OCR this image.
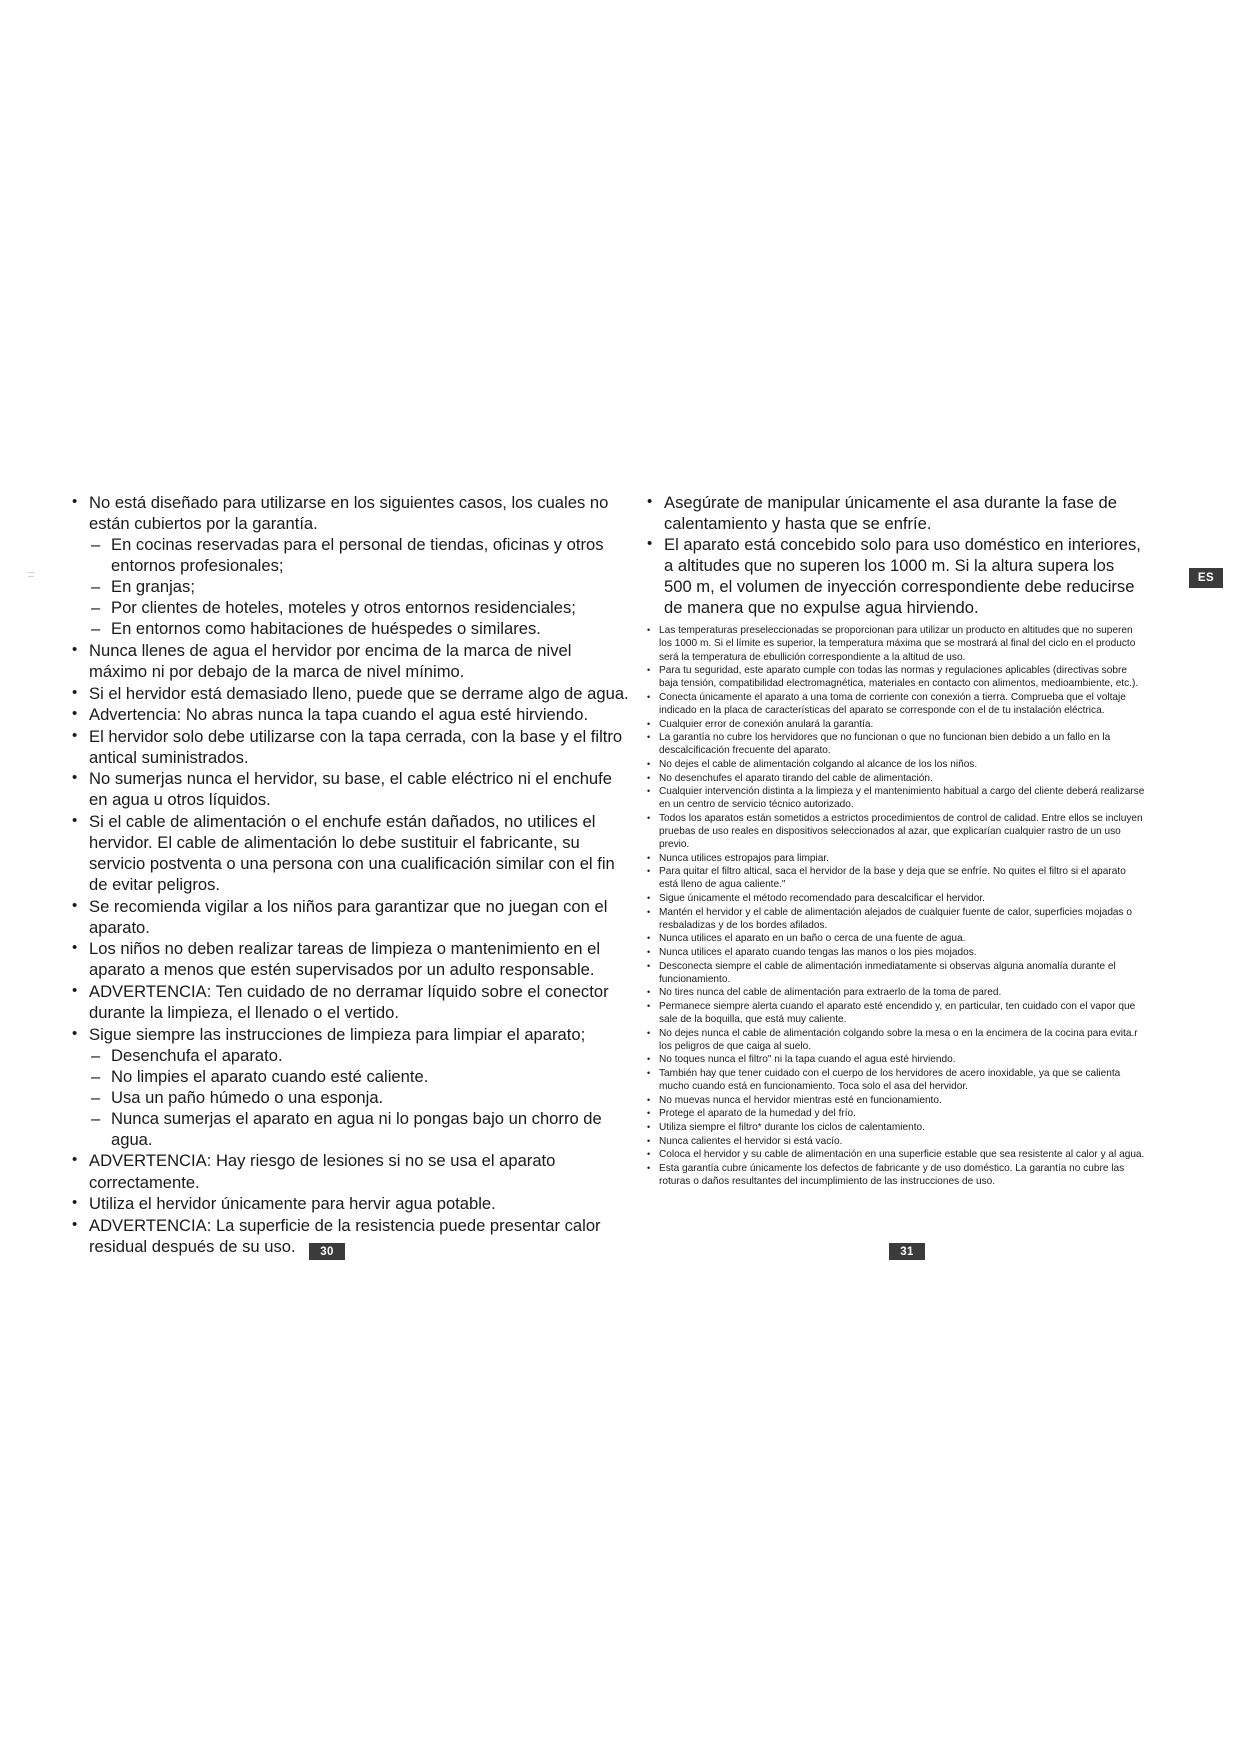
ES
• No está diseñado para utilizarse en los siguientes casos, los cuales no están cubiertos por la garantía.
– En cocinas reservadas para el personal de tiendas, oficinas y otros entornos profesionales;
– En granjas;
– Por clientes de hoteles, moteles y otros entornos residenciales;
– En entornos como habitaciones de huéspedes o similares.
• Nunca llenes de agua el hervidor por encima de la marca de nivel máximo ni por debajo de la marca de nivel mínimo.
• Si el hervidor está demasiado lleno, puede que se derrame algo de agua.
• Advertencia: No abras nunca la tapa cuando el agua esté hirviendo.
• El hervidor solo debe utilizarse con la tapa cerrada, con la base y el filtro antical suministrados.
• No sumerjas nunca el hervidor, su base, el cable eléctrico ni el enchufe en agua u otros líquidos.
• Si el cable de alimentación o el enchufe están dañados, no utilices el hervidor. El cable de alimentación lo debe sustituir el fabricante, su servicio postventa o una persona con una cualificación similar con el fin de evitar peligros.
• Se recomienda vigilar a los niños para garantizar que no juegan con el aparato.
• Los niños no deben realizar tareas de limpieza o mantenimiento en el aparato a menos que estén supervisados por un adulto responsable.
• ADVERTENCIA: Ten cuidado de no derramar líquido sobre el conector durante la limpieza, el llenado o el vertido.
• Sigue siempre las instrucciones de limpieza para limpiar el aparato;
– Desenchufa el aparato.
– No limpies el aparato cuando esté caliente.
– Usa un paño húmedo o una esponja.
– Nunca sumerjas el aparato en agua ni lo pongas bajo un chorro de agua.
• ADVERTENCIA: Hay riesgo de lesiones si no se usa el aparato correctamente.
• Utiliza el hervidor únicamente para hervir agua potable.
• ADVERTENCIA: La superficie de la resistencia puede presentar calor residual después de su uso.
• Asegúrate de manipular únicamente el asa durante la fase de calentamiento y hasta que se enfríe.
• El aparato está concebido solo para uso doméstico en interiores, a altitudes que no superen los 1000 m. Si la altura supera los 500 m, el volumen de inyección correspondiente debe reducirse de manera que no expulse agua hirviendo.
• Las temperaturas preseleccionadas se proporcionan para utilizar un producto en altitudes que no superen los 1000 m. Si el límite es superior, la temperatura máxima que se mostrará al final del ciclo en el producto será la temperatura de ebullición correspondiente a la altitud de uso.
• Para tu seguridad, este aparato cumple con todas las normas y regulaciones aplicables (directivas sobre baja tensión, compatibilidad electromagnética, materiales en contacto con alimentos, medioambiente, etc.).
• Conecta únicamente el aparato a una toma de corriente con conexión a tierra. Comprueba que el voltaje indicado en la placa de características del aparato se corresponde con el de tu instalación eléctrica.
• Cualquier error de conexión anulará la garantía.
• La garantía no cubre los hervidores que no funcionan o que no funcionan bien debido a un fallo en la descalcificación frecuente del aparato.
• No dejes el cable de alimentación colgando al alcance de los los niños.
• No desenchufes el aparato tirando del cable de alimentación.
• Cualquier intervención distinta a la limpieza y el mantenimiento habitual a cargo del cliente deberá realizarse en un centro de servicio técnico autorizado.
• Todos los aparatos están sometidos a estrictos procedimientos de control de calidad. Entre ellos se incluyen pruebas de uso reales en dispositivos seleccionados al azar, que explicarían cualquier rastro de un uso previo.
• Nunca utilices estropajos para limpiar.
• Para quitar el filtro altical, saca el hervidor de la base y deja que se enfríe. No quites el filtro si el aparato está lleno de agua caliente."
• Sigue únicamente el método recomendado para descalcificar el hervidor.
• Mantén el hervidor y el cable de alimentación alejados de cualquier fuente de calor, superficies mojadas o resbaladizas y de los bordes afilados.
• Nunca utilices el aparato en un baño o cerca de una fuente de agua.
• Nunca utilices el aparato cuando tengas las manos o los pies mojados.
• Desconecta siempre el cable de alimentación inmediatamente si observas alguna anomalía durante el funcionamiento.
• No tires nunca del cable de alimentación para extraerlo de la toma de pared.
• Permanece siempre alerta cuando el aparato esté encendido y, en particular, ten cuidado con el vapor que sale de la boquilla, que está muy caliente.
• No dejes nunca el cable de alimentación colgando sobre la mesa o en la encimera de la cocina para evita.r los peligros de que caiga al suelo.
• No toques nunca el filtro" ni la tapa cuando el agua esté hirviendo.
• También hay que tener cuidado con el cuerpo de los hervidores de acero inoxidable, ya que se calienta mucho cuando está en funcionamiento. Toca solo el asa del hervidor.
• No muevas nunca el hervidor mientras esté en funcionamiento.
• Protege el aparato de la humedad y del frío.
• Utiliza siempre el filtro* durante los ciclos de calentamiento.
• Nunca calientes el hervidor si está vacío.
• Coloca el hervidor y su cable de alimentación en una superficie estable que sea resistente al calor y al agua.
• Esta garantía cubre únicamente los defectos de fabricante y de uso doméstico. La garantía no cubre las roturas o daños resultantes del incumplimiento de las instrucciones de uso.
30	31
